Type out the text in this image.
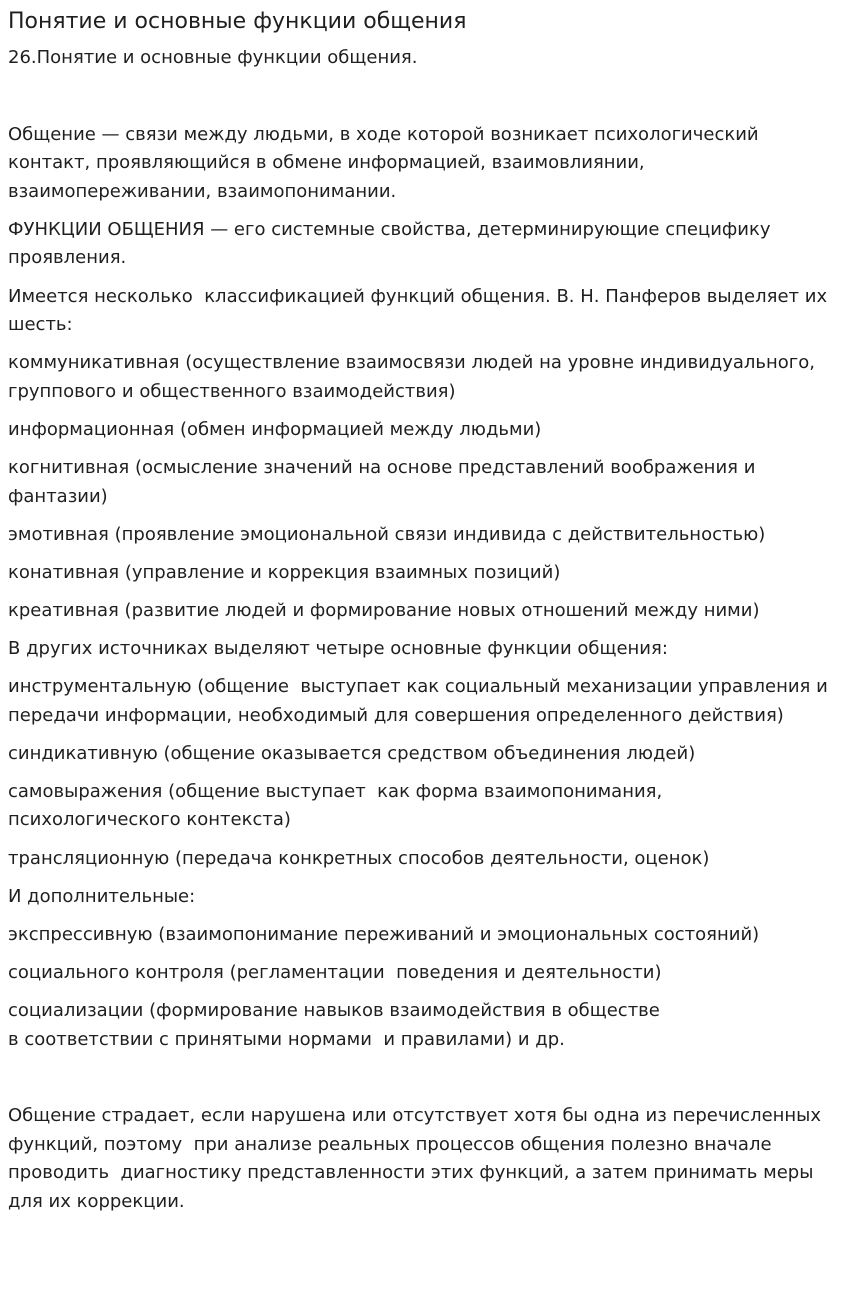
Понятие и основные функции общения

26.Понятие и основные функции общения.

Общение — связи между людьми, в ходе которой возникает психологический контакт, проявляющийся в обмене информацией, взаимовлиянии, взаимопереживании, взаимопонимании.

ФУНКЦИИ ОБЩЕНИЯ — его системные свойства, детерминирующие специфику проявления.

Имеется несколько  классификацией функций общения. В. Н. Панферов выделяет их шесть:

коммуникативная (осуществление взаимосвязи людей на уровне индивидуального, группового и общественного взаимодействия)

информационная (обмен информацией между людьми)

когнитивная (осмысление значений на основе представлений воображения и фантазии)

эмотивная (проявление эмоциональной связи индивида с действительностью)

конативная (управление и коррекция взаимных позиций)

креативная (развитие людей и формирование новых отношений между ними)

В других источниках выделяют четыре основные функции общения:

инструментальную (общение  выступает как социальный механизации управления и передачи информации, необходимый для совершения определенного действия)

синдикативную (общение оказывается средством объединения людей)

самовыражения (общение выступает  как форма взаимопонимания, психологического контекста)

трансляционную (передача конкретных способов деятельности, оценок)

И дополнительные:

экспрессивную (взаимопонимание переживаний и эмоциональных состояний)

социального контроля (регламентации  поведения и деятельности)

социализации (формирование навыков взаимодействия в обществе
в соответствии с принятыми нормами  и правилами) и др.

Общение страдает, если нарушена или отсутствует хотя бы одна из перечисленных функций, поэтому  при анализе реальных процессов общения полезно вначале проводить  диагностику представленности этих функций, а затем принимать меры для их коррекции.
